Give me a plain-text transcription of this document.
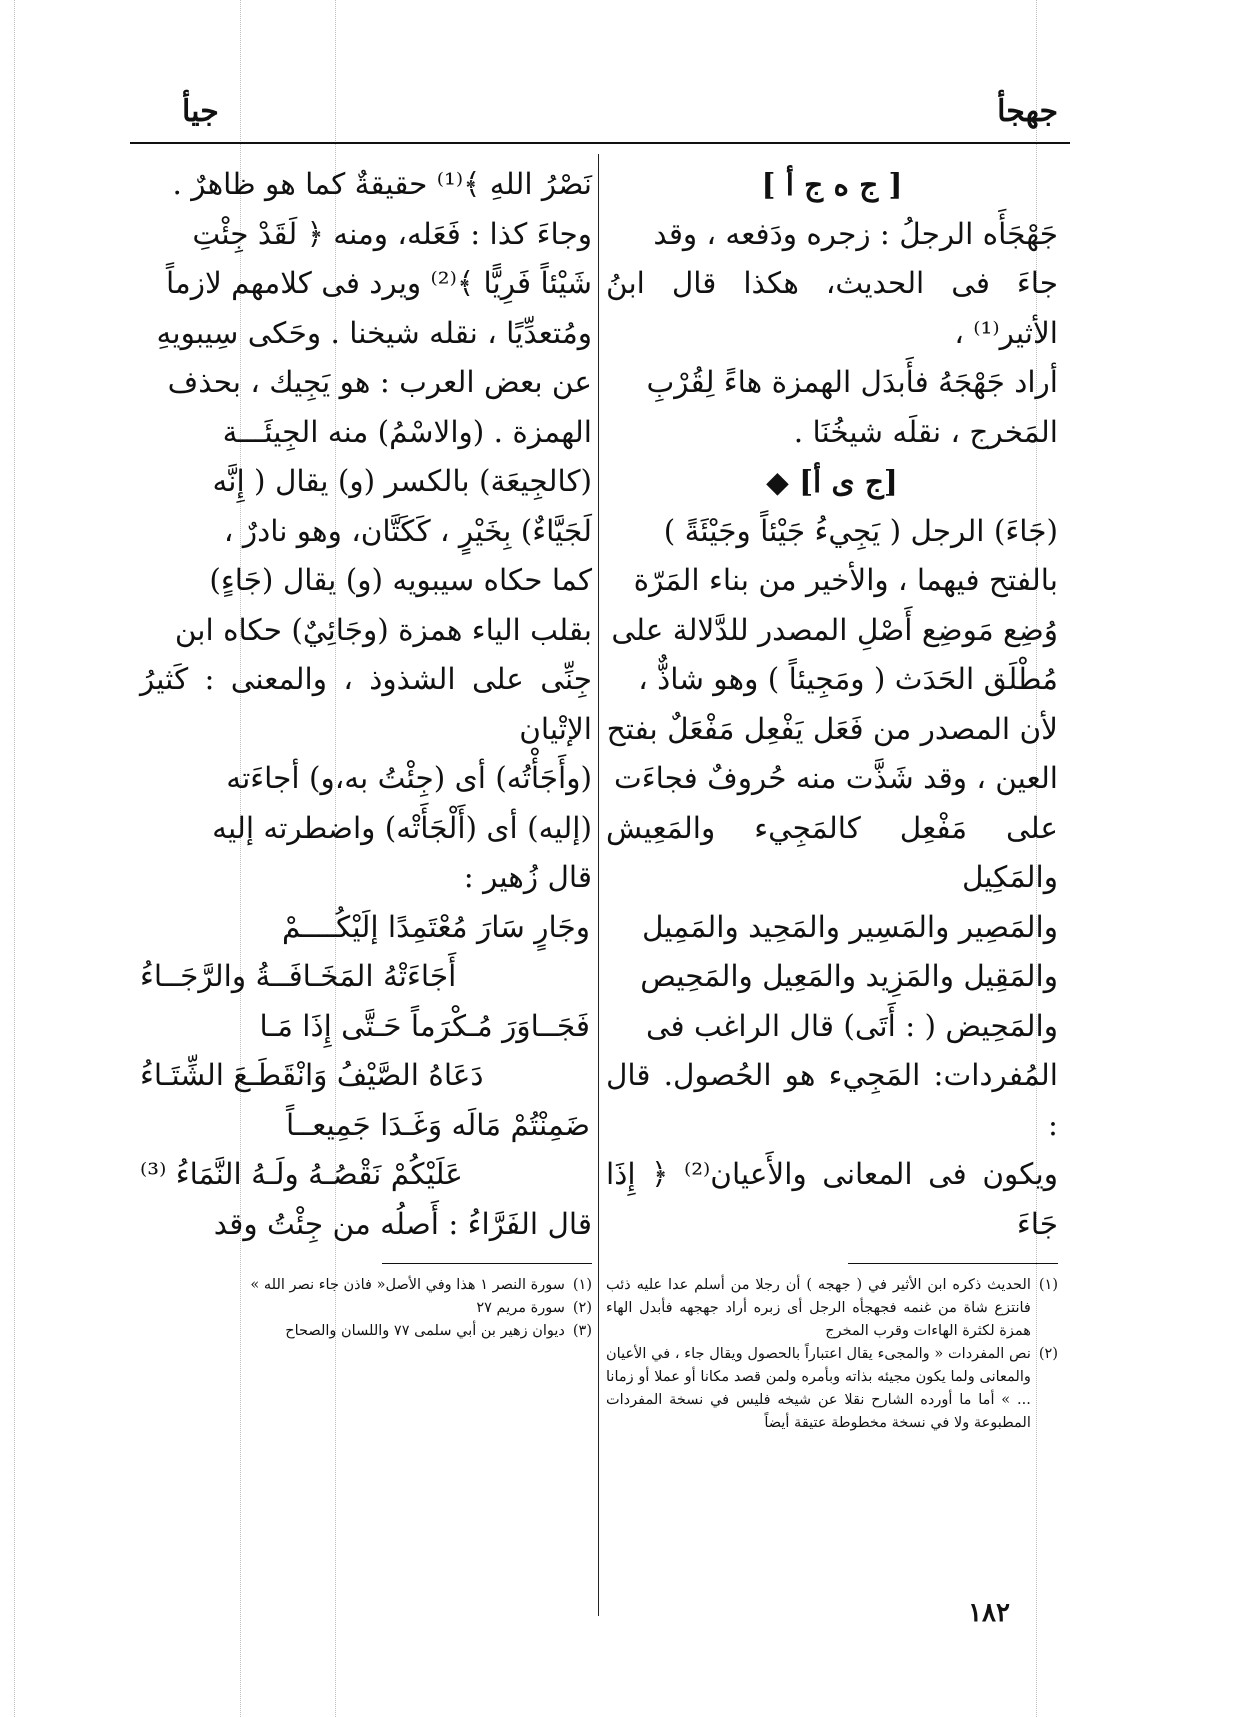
جهجأ
جيأ

[ ج ه ج أ ]

جَهْجَأَه الرجلُ : زجره ودَفعه ، وقد

جاءَ فى الحديث، هكذا قال ابنُ الأثير⁽¹⁾ ،

أراد جَهْجَهُ فأَبدَل الهمزة هاءً لِقُرْبِ

المَخرج ، نقلَه شيخُنَا .

[ج ى أ] ◆

(جَاءَ) الرجل ( يَجِيءُ جَيْئاً وجَيْئَةً )

بالفتح فيهما ، والأخير من بناء المَرّة

وُضِع مَوضِع أَصْلِ المصدر للدَّلالة على

مُطْلَق الحَدَث ( ومَجِيئاً ) وهو شاذٌّ ،

لأن المصدر من فَعَل يَفْعِل مَفْعَلٌ بفتح

العين ، وقد شَذَّت منه حُروفٌ فجاءَت

على مَفْعِل كالمَجِيء والمَعِيش والمَكِيل

والمَصِير والمَسِير والمَحِيد والمَمِيل

والمَقِيل والمَزِيد والمَعِيل والمَحِيص

والمَحِيض ( : أَتَى) قال الراغب فى

المُفردات: المَجِيء هو الحُصول. قال :

ويكون فى المعانى والأَعيان⁽²⁾ ﴿ إِذَا جَاءَ

(١)
الحديث ذكره ابن الأثير في ( جهجه ) أن رجلا من أسلم عدا عليه ذئب فانتزع شاة من غنمه فجهجأه الرجل أى زبره أراد جهجهه فأبدل الهاء همزة لكثرة الهاءات وقرب المخرج
(٢)
نص المفردات « والمجىء يقال اعتباراً بالحصول ويقال جاء ، في الأعيان والمعانى ولما يكون مجيئه بذاته وبأمره ولمن قصد مكانا أو عملا أو زمانا ... » أما ما أورده الشارح نقلا عن شيخه فليس في نسخة المفردات المطبوعة ولا في نسخة مخطوطة عتيقة أيضاً

نَصْرُ اللهِ ﴾⁽¹⁾ حقيقةٌ كما هو ظاهرٌ .

وجاءَ كذا : فَعَله، ومنه ﴿ لَقَدْ جِئْتِ

شَيْئاً فَرِيًّا ﴾⁽²⁾ ويرد فى كلامهم لازماً

ومُتعدِّيًا ، نقله شيخنا . وحَكى سِيبويهِ

عن بعض العرب : هو يَجِيك ، بحذف

الهمزة . (والاسْمُ) منه الجِيئَـــة

(كالجِيعَة) بالكسر (و) يقال ( إِنَّه

لَجَيَّاءٌ) بِخَيْرٍ ، كَكَتَّان، وهو نادرٌ ،

كما حكاه سيبويه (و) يقال (جَاءٍ)

بقلب الياء همزة (وجَائِيٌ) حكاه ابن

جِنِّى على الشذوذ ، والمعنى : كَثيرُ الإتْيان

(وأَجَأْتُه) أى (جِئْتُ به،و) أجاءَته

(إليه) أى (أَلْجَأَتْه) واضطرته إليه

قال زُهير :

وجَارٍ سَارَ مُعْتَمِدًا إلَيْكُــــمْ

أَجَاءَتْهُ المَخَـافَــةُ والرَّجَــاءُ

فَجَــاوَرَ مُـكْرَماً حَـتَّى إِذَا مَـا

دَعَاهُ الصَّيْفُ وَانْقَطَـعَ الشِّتَـاءُ

ضَمِنْتُمْ مَالَه وَغَـدَا جَمِيعــاً

عَلَيْكُمْ نَقْصُـهُ ولَـهُ النَّمَاءُ ⁽³⁾

قال الفَرَّاءُ : أَصلُه من جِئْتُ وقد

(١)
سورة النصر ١ هذا وفي الأصل« فاذن جاء نصر الله »
(٢)
سورة مريم ٢٧
(٣)
ديوان زهير بن أبي سلمى ٧٧ واللسان والصحاح
١٨٢
